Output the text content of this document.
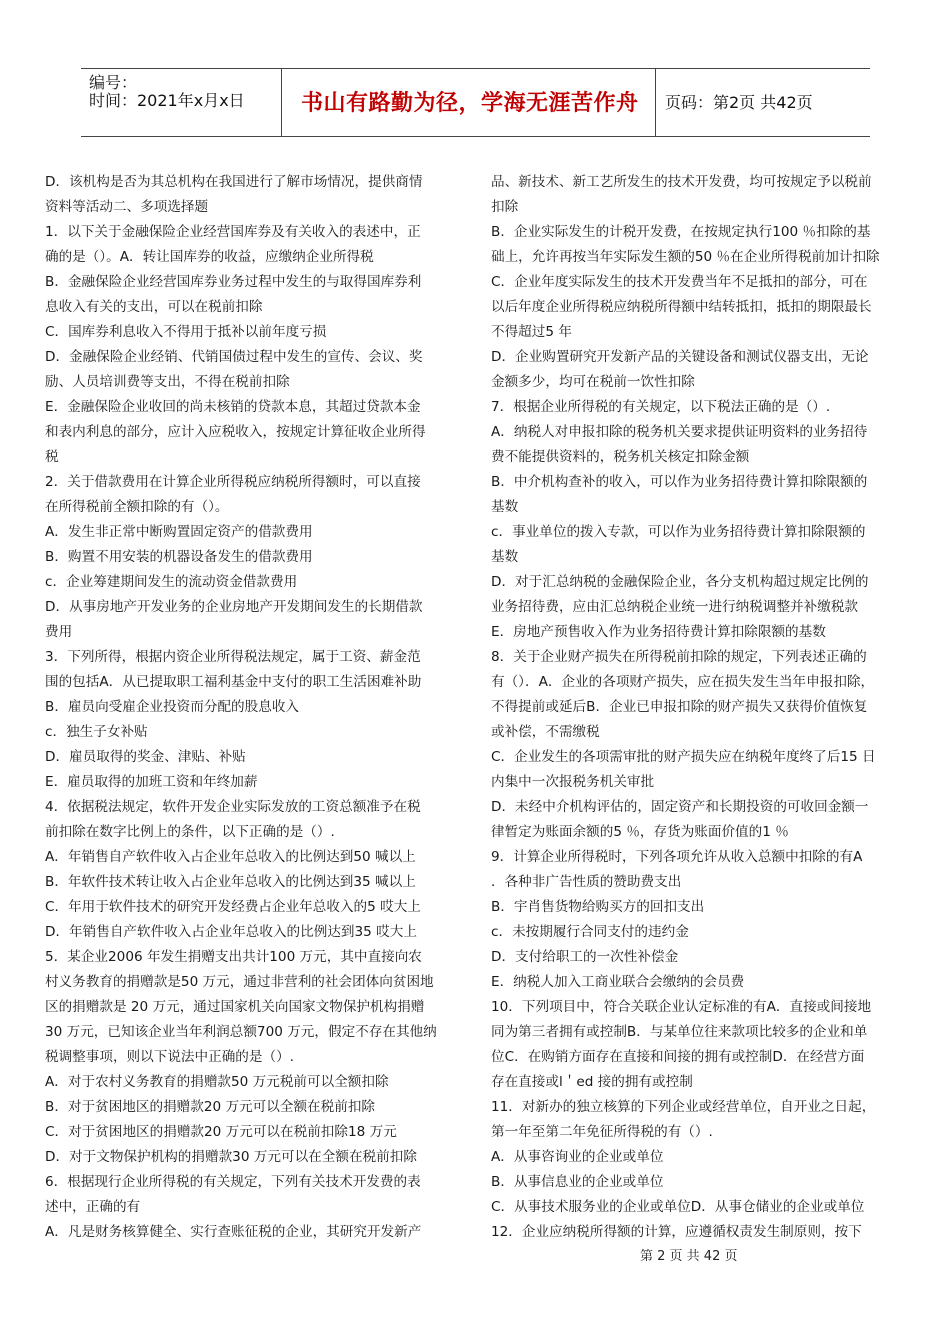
编号：
时间：2021年x月x日	书山有路勤为径，学海无涯苦作舟 页码：第2页 共42页
D．该机构是否为其总机构在我国进行了解市场情况，提供商情
资料等活动二、多项选择题
1．以下关于金融保险企业经营国库券及有关收入的表述中，正
确的是（）。A．转让国库券的收益，应缴纳企业所得税
B．金融保险企业经营国库券业务过程中发生的与取得国库券利
息收入有关的支出，可以在税前扣除
C．国库券利息收入不得用于抵补以前年度亏损
D．金融保险企业经销、代销国债过程中发生的宣传、会议、奖
励、人员培训费等支出，不得在税前扣除
E．金融保险企业收回的尚未核销的贷款本息，其超过贷款本金
和表内利息的部分，应计入应税收入，按规定计算征收企业所得
税
2．关于借款费用在计算企业所得税应纳税所得额时，可以直接
在所得税前全额扣除的有（）。
A．发生非正常中断购置固定资产的借款费用
B．购置不用安装的机器设备发生的借款费用
c．企业筹建期间发生的流动资金借款费用
D．从事房地产开发业务的企业房地产开发期间发生的长期借款
费用
3．下列所得，根据内资企业所得税法规定，属于工资、薪金范
围的包括A．从已提取职工福利基金中支付的职工生活困难补助
B．雇员向受雇企业投资而分配的股息收入
c．独生子女补贴
D．雇员取得的奖金、津贴、补贴
E．雇员取得的加班工资和年终加薪
4．依据税法规定，软件开发企业实际发放的工资总额准予在税
前扣除在数字比例上的条件，以下正确的是（）.
A．年销售自产软件收入占企业年总收入的比例达到50 喊以上
B．年软件技术转让收入占企业年总收入的比例达到35 喊以上
C．年用于软件技术的研究开发经费占企业年总收入的5 哎大上
D．年销售自产软件收入占企业年总收入的比例达到35 哎大上
5．某企业2006 年发生捐赠支出共计100 万元，其中直接向农
村义务教育的捐赠款是50 万元，通过非营利的社会团体向贫困地
区的捐赠款是 20 万元，通过国家机关向国家文物保护机构捐赠
30 万元，已知该企业当年利润总额700 万元，假定不存在其他纳
税调整事项，则以下说法中正确的是（）.
A．对于农村义务教育的捐赠款50 万元税前可以全额扣除
B．对于贫困地区的捐赠款20 万元可以全额在税前扣除
C．对于贫困地区的捐赠款20 万元可以在税前扣除18 万元
D．对于文物保护机构的捐赠款30 万元可以在全额在税前扣除
6．根据现行企业所得税的有关规定，下列有关技术开发费的表
述中，正确的有
A．凡是财务核算健全、实行查账征税的企业，其研究开发新产
品、新技术、新工艺所发生的技术开发费，均可按规定予以税前
扣除
B．企业实际发生的计税开发费，在按规定执行100 ％扣除的基
础上，允许再按当年实际发生额的50 ％在企业所得税前加计扣除
C．企业年度实际发生的技术开发费当年不足抵扣的部分，可在
以后年度企业所得税应纳税所得额中结转抵扣，抵扣的期限最长
不得超过5 年
D．企业购置研究开发新产品的关键设备和测试仪器支出，无论
金额多少，均可在税前一饮性扣除
7．根据企业所得税的有关规定，以下税法正确的是（）.
A．纳税人对申报扣除的税务机关要求提供证明资料的业务招待
费不能提供资料的，税务机关核定扣除金额
B．中介机构查补的收入，可以作为业务招待费计算扣除限额的
基数
c．事业单位的拨入专款，可以作为业务招待费计算扣除限额的
基数
D．对于汇总纳税的金融保险企业，各分支机构超过规定比例的
业务招待费，应由汇总纳税企业统一进行纳税调整并补缴税款
E．房地产预售收入作为业务招待费计算扣除限额的基数
8．关于企业财产损失在所得税前扣除的规定，下列表述正确的
有（）．A．企业的各项财产损失，应在损失发生当年申报扣除，
不得提前或延后B．企业已申报扣除的财产损失又获得价值恢复
或补偿，不需缴税
C．企业发生的各项需审批的财产损失应在纳税年度终了后15 日
内集中一次报税务机关审批
D．未经中介机构评估的，固定资产和长期投资的可收回金额一
律暂定为账面余额的5 ％，存货为账面价值的1 ％
9．计算企业所得税时，下列各项允许从收入总额中扣除的有A
．各种非广告性质的赞助费支出
B．宇肖售货物给购买方的回扣支出
c．未按期履行合同支付的违约金
D．支付给职工的一次性补偿金
E．纳税人加入工商业联合会缴纳的会员费
10．下列项目中，符合关联企业认定标准的有A．直接或间接地
同为第三者拥有或控制B．与某单位往来款项比较多的企业和单
位C．在购销方面存在直接和间接的拥有或控制D．在经营方面
存在直接或l＇ed 接的拥有或控制
11．对新办的独立核算的下列企业或经营单位，自开业之日起，
第一年至第二年免征所得税的有（）.
A．从事咨询业的企业或单位
B．从事信息业的企业或单位
C．从事技术服务业的企业或单位D．从事仓储业的企业或单位
12．企业应纳税所得额的计算，应遵循权责发生制原则，按下
第 2 页 共 42 页
